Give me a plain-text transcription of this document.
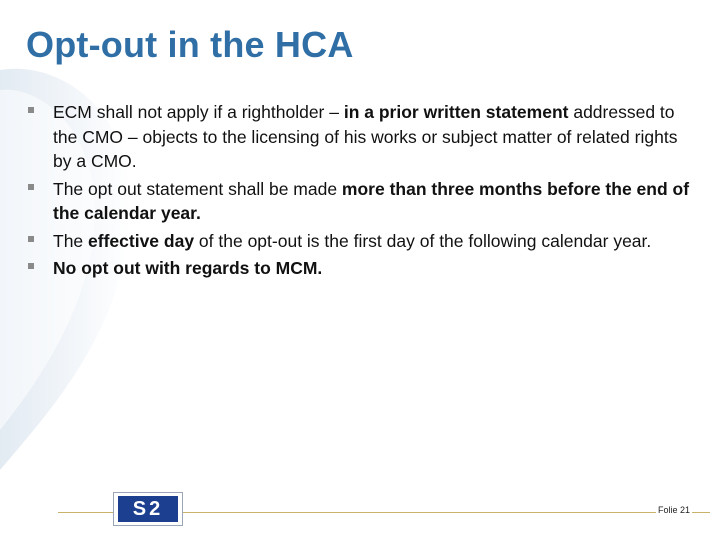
Opt-out in the HCA
ECM shall not apply if a rightholder – in a prior written statement addressed to the CMO – objects to the licensing of his works or subject matter of related rights by a CMO.
The opt out statement shall be made more than three months before the end of the calendar year.
The effective day of the opt-out is the first day of the following calendar year.
No opt out with regards to MCM.
S2	Folie 21
